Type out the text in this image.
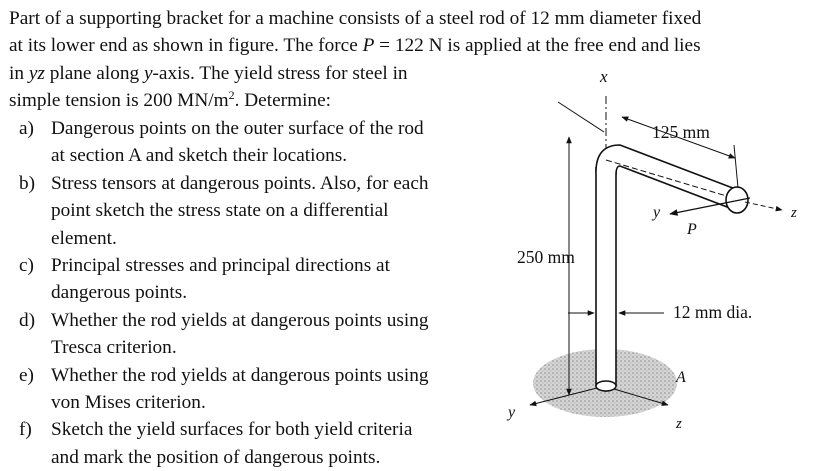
Part of a supporting bracket for a machine consists of a steel rod of 12 mm diameter fixed
at its lower end as shown in figure. The force P = 122 N is applied at the free end and lies
in yz plane along y-axis. The yield stress for steel in
simple tension is 200 $MN/m^2$. Determine:
a) Dangerous points on the outer surface of the rod
at section A and sketch their locations.
b) Stress tensors at dangerous points. Also, for each
point sketch the stress state on a differential
element.
c) Principal stresses and principal directions at
dangerous points.
d) Whether the rod yields at dangerous points using
Tresca criterion.
e) Whether the rod yields at dangerous points using
von Mises criterion.
f) Sketch the yield surfaces for both yield criteria
and mark the position of dangerous points.
x
125 mm
250 mm
12 mm dia.
y
P
z
A
y
z
